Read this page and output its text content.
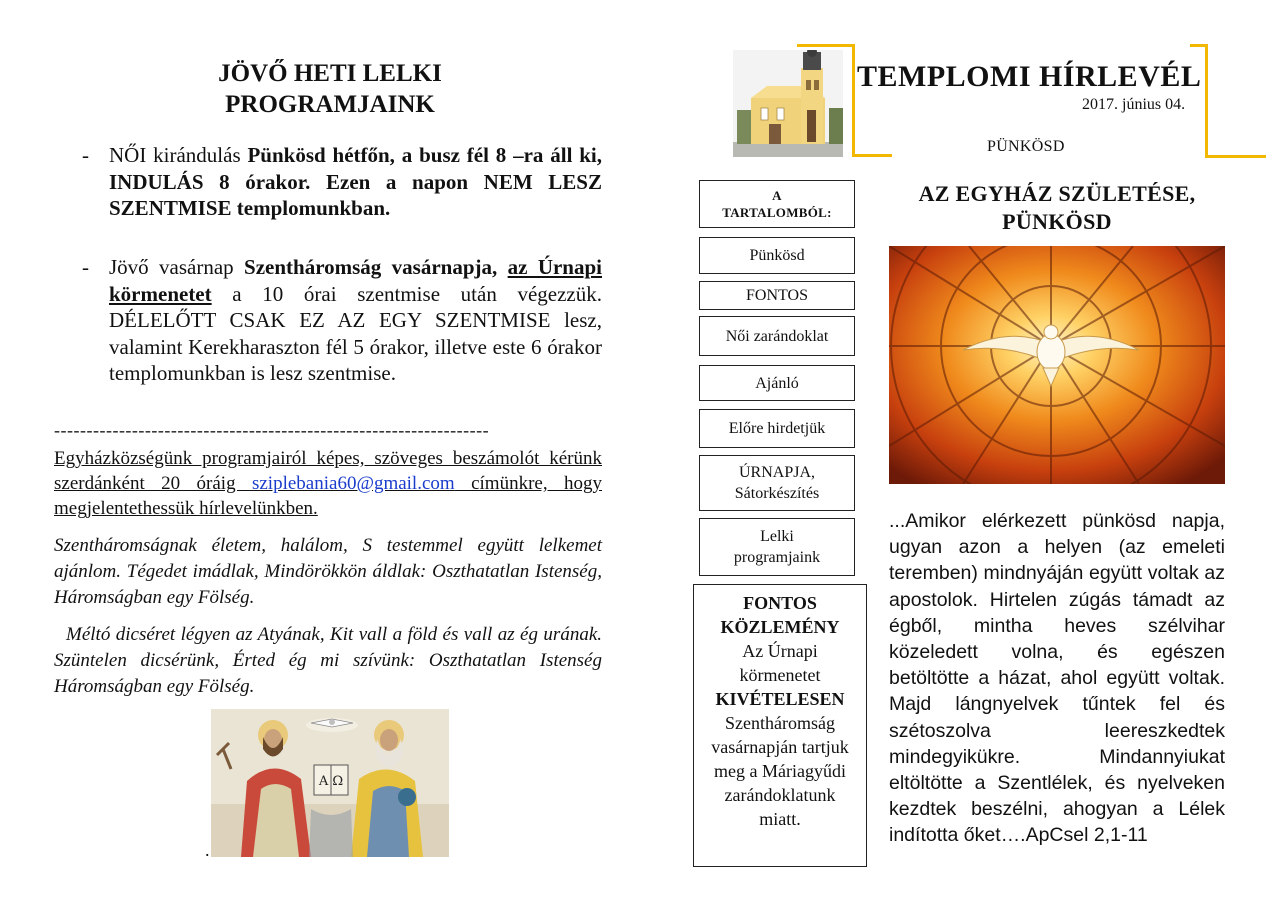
JÖVŐ HETI LELKI
PROGRAMJAINK
- NŐI kirándulás Pünkösd hétfőn, a busz fél 8 –ra áll ki, INDULÁS 8 órakor. Ezen a napon NEM LESZ SZENTMISE templomunkban.
- Jövő vasárnap Szentháromság vasárnapja, az Úrnapi körmenetet a 10 órai szentmise után végezzük. DÉLELŐTT CSAK EZ AZ EGY SZENTMISE lesz, valamint Kerekharaszton fél 5 órakor, illetve este 6 órakor templomunkban is lesz szentmise.
-------------------------------------------------------------------
Egyházközségünk programjairól képes, szöveges beszámolót kérünk szerdánként 20 óráig sziplebania60@gmail.com címünkre, hogy megjelentethessük hírlevelünkben.
Szentháromságnak életem, halálom, S testemmel együtt lelkemet ajánlom. Tégedet imádlak, Mindörökkön áldlak: Oszthatatlan Istenség, Háromságban egy Fölség.
Méltó dicséret légyen az Atyának, Kit vall a föld és vall az ég urának. Szüntelen dicsérünk, Érted ég mi szívünk: Oszthatatlan Istenség Háromságban egy Fölség.
A Ω
.
TEMPLOMI HÍRLEVÉL
2017. június 04.
PÜNKÖSD
A
TARTALOMBÓL:
Pünkösd
FONTOS
Női zarándoklat
Ajánló
Előre hirdetjük
ÚRNAPJA, Sátorkészítés
Lelki programjaink
FONTOS
KÖZLEMÉNY
Az Úrnapi körmenetet
KIVÉTELESEN
Szentháromság vasárnapján tartjuk meg a Máriagyűdi zarándoklatunk miatt.
AZ EGYHÁZ SZÜLETÉSE, PÜNKÖSD
...Amikor elérkezett pünkösd napja, ugyan azon a helyen (az emeleti teremben) mindnyáján együtt voltak az apostolok. Hirtelen zúgás támadt az égből, mintha heves szélvihar közeledett volna, és egészen betöltötte a házat, ahol együtt voltak. Majd lángnyelvek tűntek fel és szétoszolva leereszkedtek mindegyikükre. Mindannyiukat eltöltötte a Szentlélek, és nyelveken kezdtek beszélni, ahogyan a Lélek indította őket….ApCsel 2,1-11
